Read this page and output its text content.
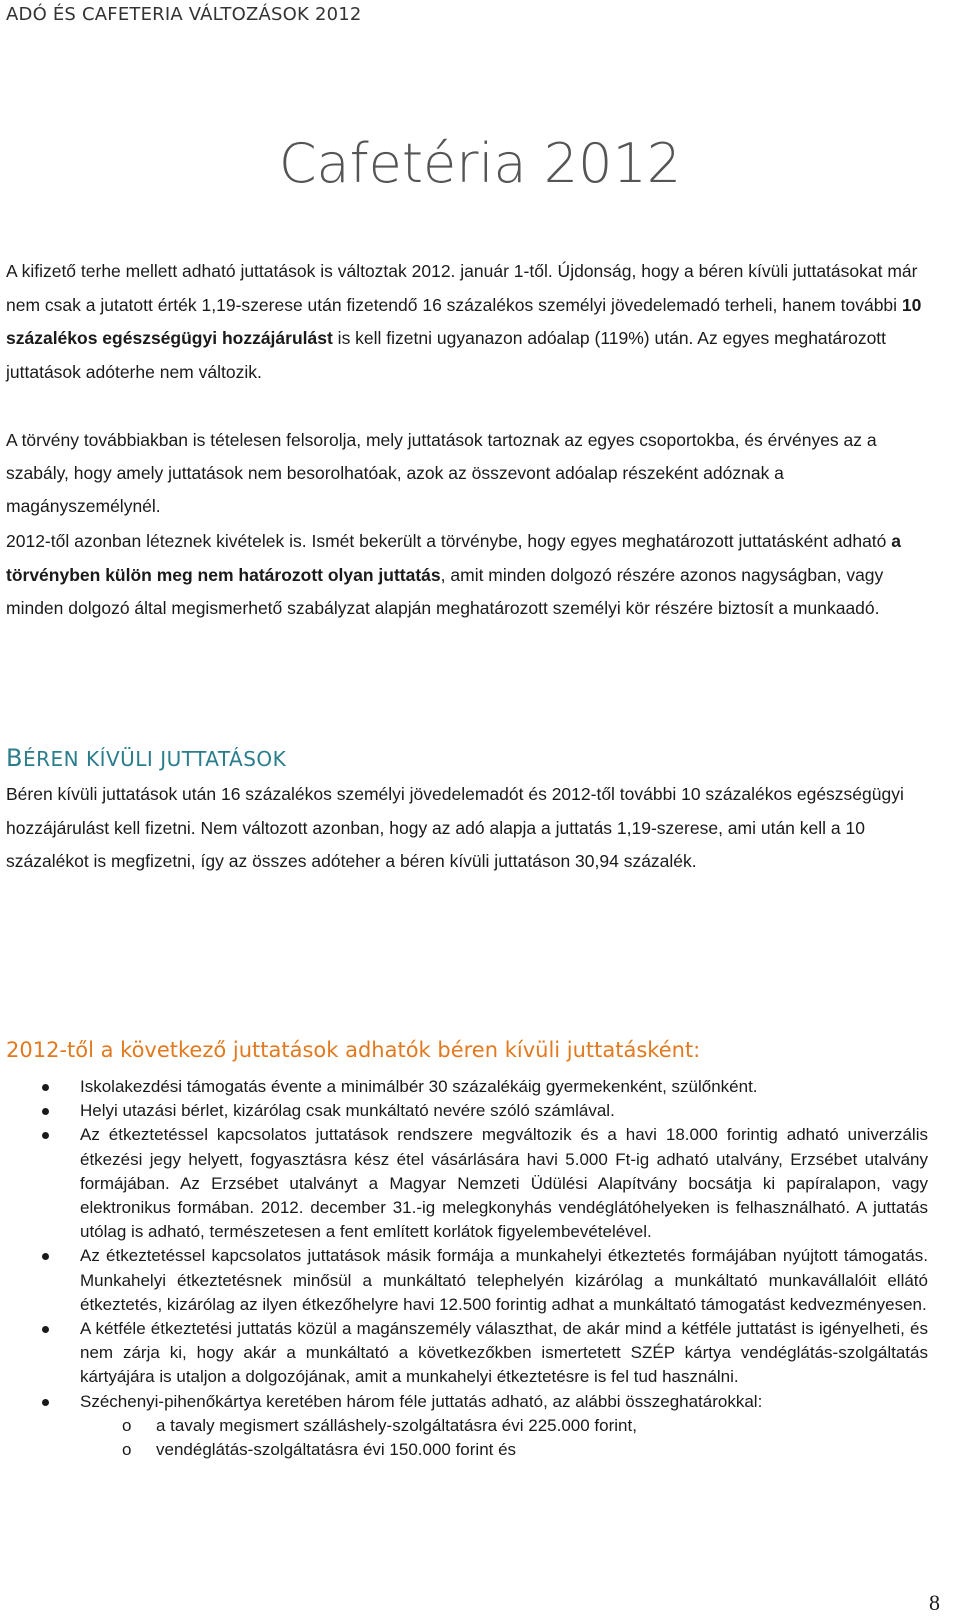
ADÓ ÉS CAFETERIA VÁLTOZÁSOK 2012
Cafetéria 2012
A kifizető terhe mellett adható juttatások is változtak 2012. január 1-től. Újdonság, hogy a béren kívüli juttatásokat már nem csak a jutatott érték 1,19-szerese után fizetendő 16 százalékos személyi jövedelemadó terheli, hanem további 10 százalékos egészségügyi hozzájárulást is kell fizetni ugyanazon adóalap (119%) után. Az egyes meghatározott juttatások adóterhe nem változik.
A törvény továbbiakban is tételesen felsorolja, mely juttatások tartoznak az egyes csoportokba, és érvényes az a szabály, hogy amely juttatások nem besorolhatóak, azok az összevont adóalap részeként adóznak a magányszemélynél.
2012-től azonban léteznek kivételek is. Ismét bekerült a törvénybe, hogy egyes meghatározott juttatásként adható a törvényben külön meg nem határozott olyan juttatás, amit minden dolgozó részére azonos nagyságban, vagy minden dolgozó által megismerhető szabályzat alapján meghatározott személyi kör részére biztosít a munkaadó.
BÉREN KÍVÜLI JUTTATÁSOK
Béren kívüli juttatások után 16 százalékos személyi jövedelemadót és 2012-től további 10 százalékos egészségügyi hozzájárulást kell fizetni. Nem változott azonban, hogy az adó alapja a juttatás 1,19-szerese, ami után kell a 10 százalékot is megfizetni, így az összes adóteher a béren kívüli juttatáson 30,94 százalék.
2012-től a következő juttatások adhatók béren kívüli juttatásként:
Iskolakezdési támogatás évente a minimálbér 30 százalékáig gyermekenként, szülőnként.
Helyi utazási bérlet, kizárólag csak munkáltató nevére szóló számlával.
Az étkeztetéssel kapcsolatos juttatások rendszere megváltozik és a havi 18.000 forintig adható univerzális étkezési jegy helyett, fogyasztásra kész étel vásárlására havi 5.000 Ft-ig adható utalvány, Erzsébet utalvány formájában. Az Erzsébet utalványt a Magyar Nemzeti Üdülési Alapítvány bocsátja ki papíralapon, vagy elektronikus formában. 2012. december 31.-ig melegkonyhás vendéglátóhelyeken is felhasználható. A juttatás utólag is adható, természetesen a fent említett korlátok figyelembevételével.
Az étkeztetéssel kapcsolatos juttatások másik formája a munkahelyi étkeztetés formájában nyújtott támogatás. Munkahelyi étkeztetésnek minősül a munkáltató telephelyén kizárólag a munkáltató munkavállalóit ellátó étkeztetés, kizárólag az ilyen étkezőhelyre havi 12.500 forintig adhat a munkáltató támogatást kedvezményesen.
A kétféle étkeztetési juttatás közül a magánszemély választhat, de akár mind a kétféle juttatást is igényelheti, és nem zárja ki, hogy akár a munkáltató a következőkben ismertetett SZÉP kártya vendéglátás-szolgáltatás kártyájára is utaljon a dolgozójának, amit a munkahelyi étkeztetésre is fel tud használni.
Széchenyi-pihenőkártya keretében három féle juttatás adható, az alábbi összeghatárokkal:
o a tavaly megismert szálláshely-szolgáltatásra évi 225.000 forint,
o vendéglátás-szolgáltatásra évi 150.000 forint és
8
